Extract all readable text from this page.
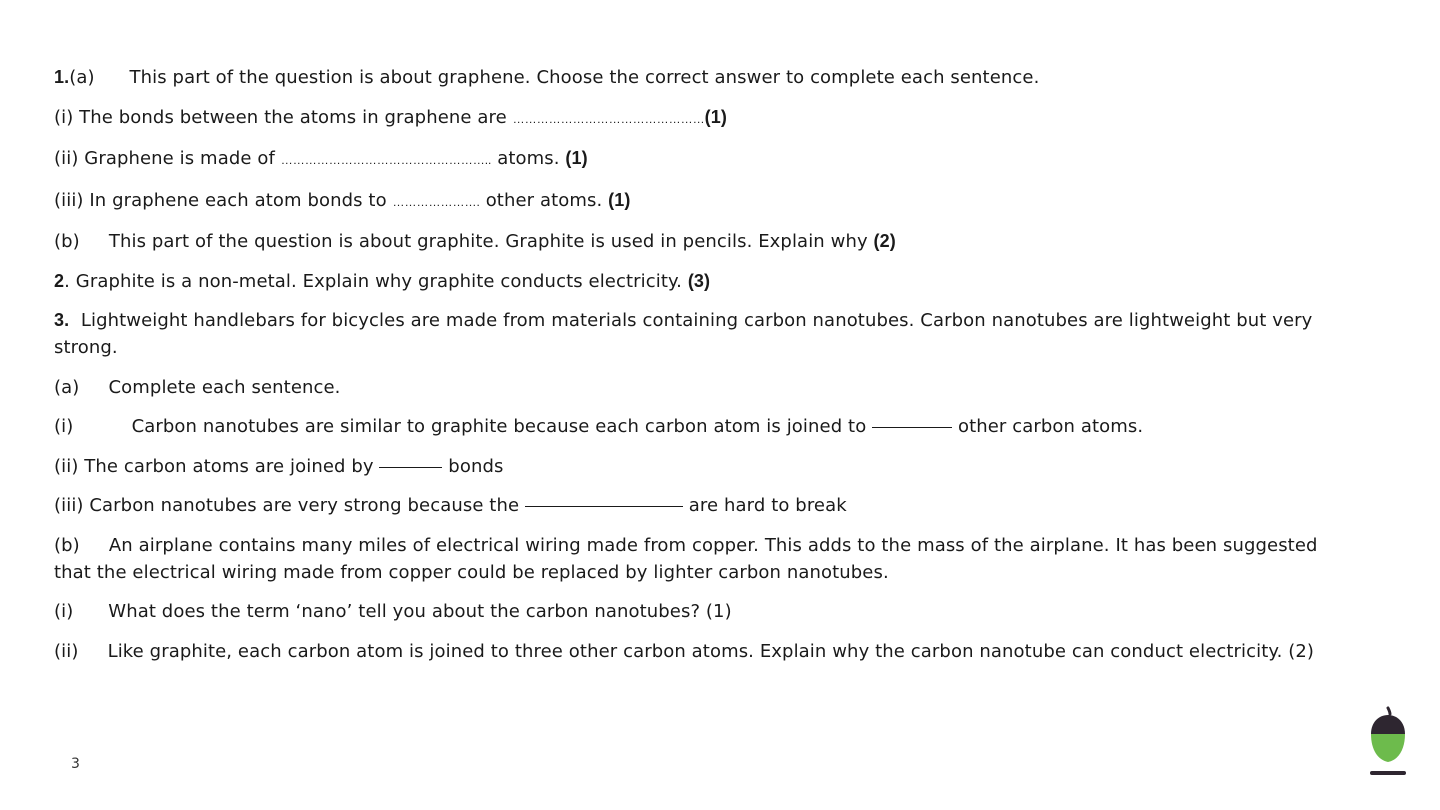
1.(a) This part of the question is about graphene. Choose the correct answer to complete each sentence.

(i) The bonds between the atoms in graphene are …………………………………………(1)

(ii) Graphene is made of …………………………………………….. atoms. (1)

(iii) In graphene each atom bonds to …………………. other atoms. (1)

(b) This part of the question is about graphite. Graphite is used in pencils. Explain why (2)

2. Graphite is a non-metal. Explain why graphite conducts electricity. (3)

3. Lightweight handlebars for bicycles are made from materials containing carbon nanotubes. Carbon nanotubes are lightweight but very strong.

(a) Complete each sentence.

(i)	Carbon nanotubes are similar to graphite because each carbon atom is joined to	other carbon atoms.

(ii) The carbon atoms are joined by	bonds

(iii) Carbon nanotubes are very strong because the	are hard to break

(b) An airplane contains many miles of electrical wiring made from copper. This adds to the mass of the airplane. It has been suggested that the electrical wiring made from copper could be replaced by lighter carbon nanotubes.

(i) What does the term ‘nano’ tell you about the carbon nanotubes? (1)

(ii) Like graphite, each carbon atom is joined to three other carbon atoms. Explain why the carbon nanotube can conduct electricity. (2)

3
